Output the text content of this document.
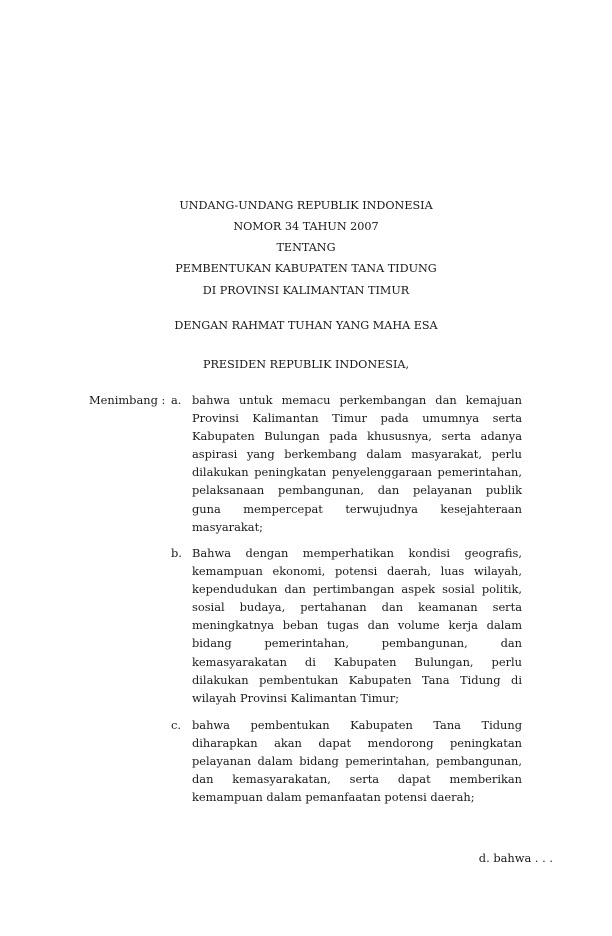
UNDANG-UNDANG REPUBLIK INDONESIA
NOMOR 34 TAHUN 2007
TENTANG
PEMBENTUKAN KABUPATEN TANA TIDUNG
DI PROVINSI KALIMANTAN TIMUR
DENGAN RAHMAT TUHAN YANG MAHA ESA
PRESIDEN REPUBLIK INDONESIA,
Menimbang : a. bahwa untuk memacu perkembangan dan kemajuan
Provinsi Kalimantan Timur pada umumnya serta
Kabupaten Bulungan pada khususnya, serta adanya
aspirasi yang berkembang dalam masyarakat, perlu
dilakukan peningkatan penyelenggaraan pemerintahan,
pelaksanaan pembangunan, dan pelayanan publik
guna mempercepat terwujudnya kesejahteraan
masyarakat;
b. Bahwa dengan memperhatikan kondisi geografis,
kemampuan ekonomi, potensi daerah, luas wilayah,
kependudukan dan pertimbangan aspek sosial politik,
sosial budaya, pertahanan dan keamanan serta
meningkatnya beban tugas dan volume kerja dalam
bidang pemerintahan, pembangunan, dan
kemasyarakatan di Kabupaten Bulungan, perlu
dilakukan pembentukan Kabupaten Tana Tidung di
wilayah Provinsi Kalimantan Timur;
c. bahwa pembentukan Kabupaten Tana Tidung
diharapkan akan dapat mendorong peningkatan
pelayanan dalam bidang pemerintahan, pembangunan,
dan kemasyarakatan, serta dapat memberikan
kemampuan dalam pemanfaatan potensi daerah;
d. bahwa . . .
